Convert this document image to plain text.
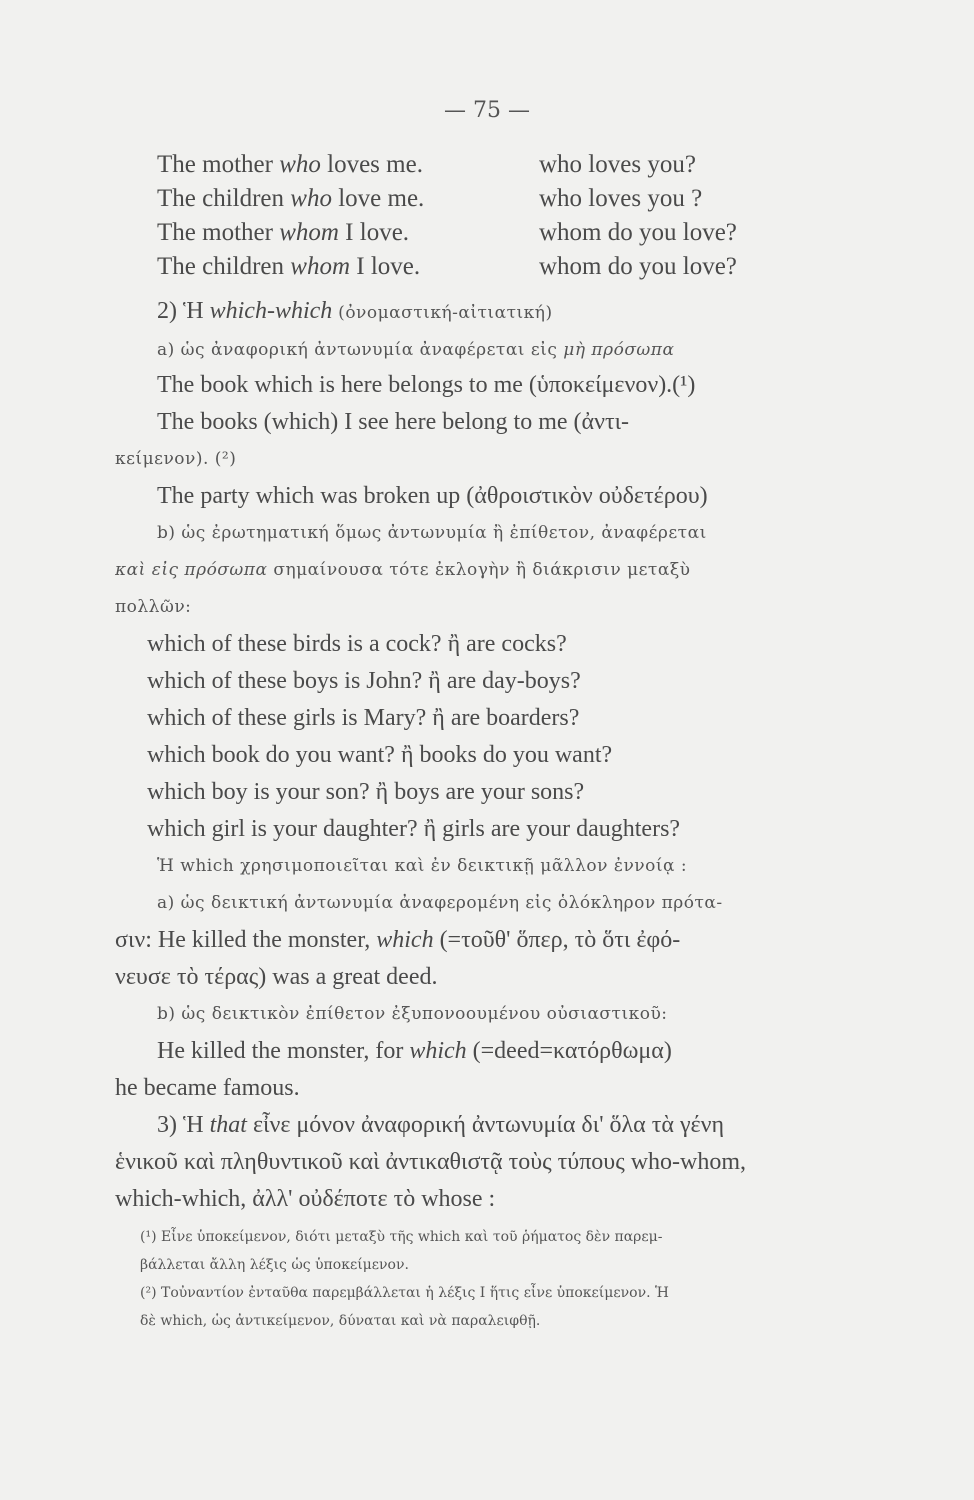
— 75 —
The mother who loves me.	who loves you?
The children who love me.	who loves you ?
The mother whom I love.	whom do you love?
The children whom I love.	whom do you love?
2) Ἡ which-which (ὀνομαστική-αἰτιατική)
a) ὡς ἀναφορική ἀντωνυμία ἀναφέρεται εἰς μὴ πρόσωπα
The book which is here belongs to me (ὑποκείμενον).(¹)
The books (which) I see here belong to me (ἀντι-
κείμενον). (²)
The party which was broken up (ἀθροιστικὸν οὐδετέρου)
b) ὡς ἐρωτηματική ὅμως ἀντωνυμία ἢ ἐπίθετον, ἀναφέρεται
καὶ εἰς πρόσωπα σημαίνουσα τότε ἐκλογὴν ἢ διάκρισιν μεταξὺ
πολλῶν:
which of these birds is a cock? ἢ are cocks?
which of these boys is John? ἢ are day-boys?
which of these girls is Mary? ἢ are boarders?
which book do you want? ἢ books do you want?
which boy is your son? ἢ boys are your sons?
which girl is your daughter? ἢ girls are your daughters?
Ἡ which χρησιμοποιεῖται καὶ ἐν δεικτικῇ μᾶλλον ἐννοίᾳ :
a) ὡς δεικτική ἀντωνυμία ἀναφερομένη εἰς ὁλόκληρον πρότα-
σιν: He killed the monster, which (=τοῦθ' ὅπερ, τὸ ὅτι ἐφό-
νευσε τὸ τέρας) was a great deed.
b) ὡς δεικτικὸν ἐπίθετον ἐξυπονοουμένου οὐσιαστικοῦ:
He killed the monster, for which (=deed=κατόρθωμα)
he became famous.
3) Ἡ that εἶνε μόνον ἀναφορική ἀντωνυμία δι' ὅλα τὰ γένη
ἑνικοῦ καὶ πληθυντικοῦ καὶ ἀντικαθιστᾷ τοὺς τύπους who-whom,
which-which, ἀλλ' οὐδέποτε τὸ whose :
(¹) Εἶνε ὑποκείμενον, διότι μεταξὺ τῆς which καὶ τοῦ ῥήματος δὲν παρεμ-
βάλλεται ἄλλη λέξις ὡς ὑποκείμενον.
(²) Τοὐναντίον ἐνταῦθα παρεμβάλλεται ἡ λέξις I ἥτις εἶνε ὑποκείμενον. Ἡ
δὲ which, ὡς ἀντικείμενον, δύναται καὶ νὰ παραλειφθῇ.
